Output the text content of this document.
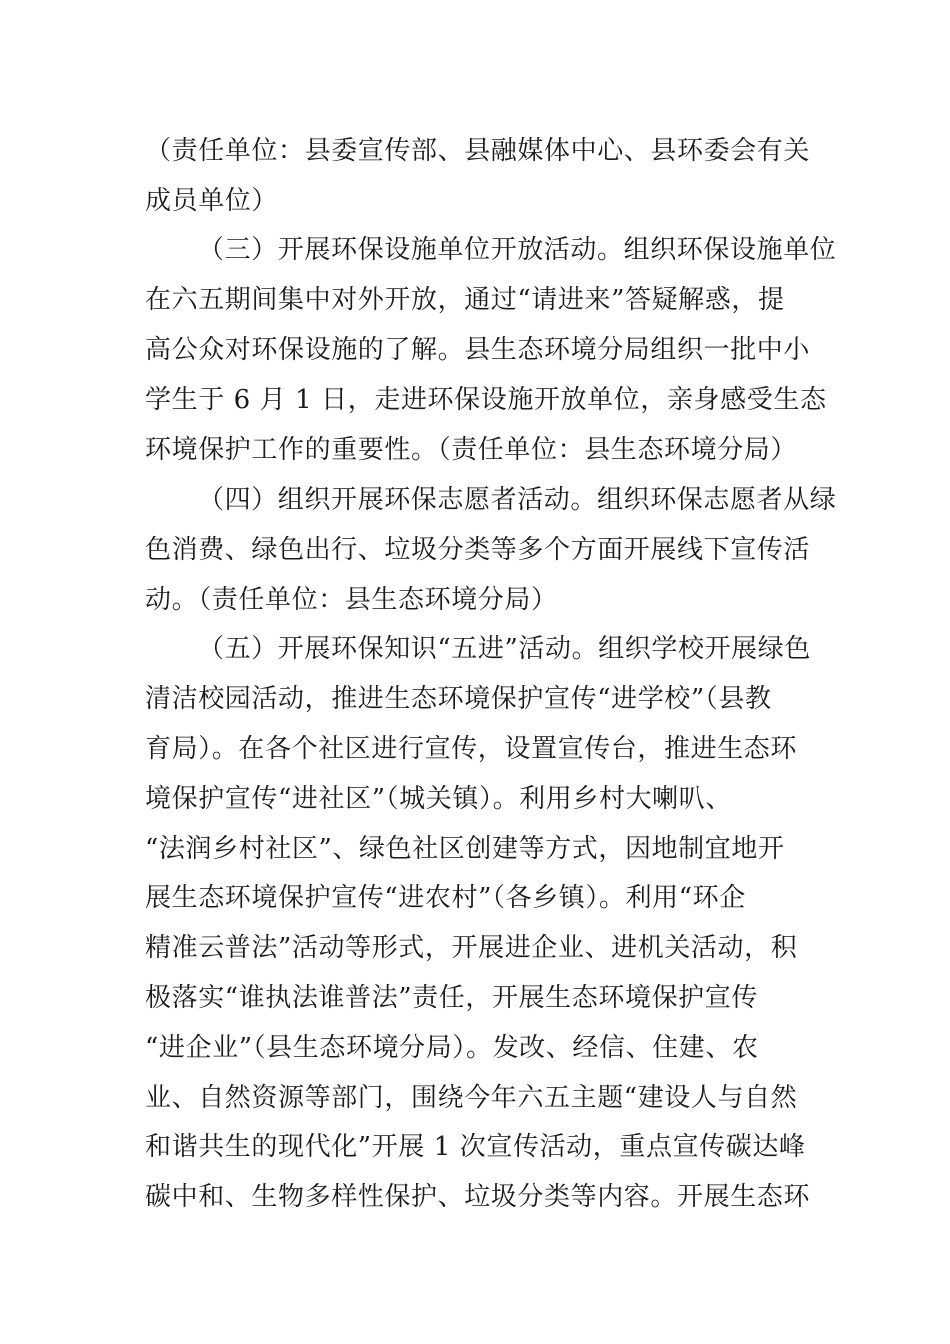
（责任单位：县委宣传部、县融媒体中心、县环委会有关
成员单位）
（三）开展环保设施单位开放活动。组织环保设施单位
在六五期间集中对外开放，通过“请进来”答疑解惑，提
高公众对环保设施的了解。县生态环境分局组织一批中小
学生于 6 月 1 日，走进环保设施开放单位，亲身感受生态
环境保护工作的重要性。（责任单位：县生态环境分局）
（四）组织开展环保志愿者活动。组织环保志愿者从绿
色消费、绿色出行、垃圾分类等多个方面开展线下宣传活
动。（责任单位：县生态环境分局）
（五）开展环保知识“五进”活动。组织学校开展绿色
清洁校园活动，推进生态环境保护宣传“进学校”（县教
育局）。在各个社区进行宣传，设置宣传台，推进生态环
境保护宣传“进社区”（城关镇）。利用乡村大喇叭、
“法润乡村社区”、绿色社区创建等方式，因地制宜地开
展生态环境保护宣传“进农村”（各乡镇）。利用“环企
精准云普法”活动等形式，开展进企业、进机关活动，积
极落实“谁执法谁普法”责任，开展生态环境保护宣传
“进企业”（县生态环境分局）。发改、经信、住建、农
业、自然资源等部门，围绕今年六五主题“建设人与自然
和谐共生的现代化”开展 1 次宣传活动，重点宣传碳达峰
碳中和、生物多样性保护、垃圾分类等内容。开展生态环
